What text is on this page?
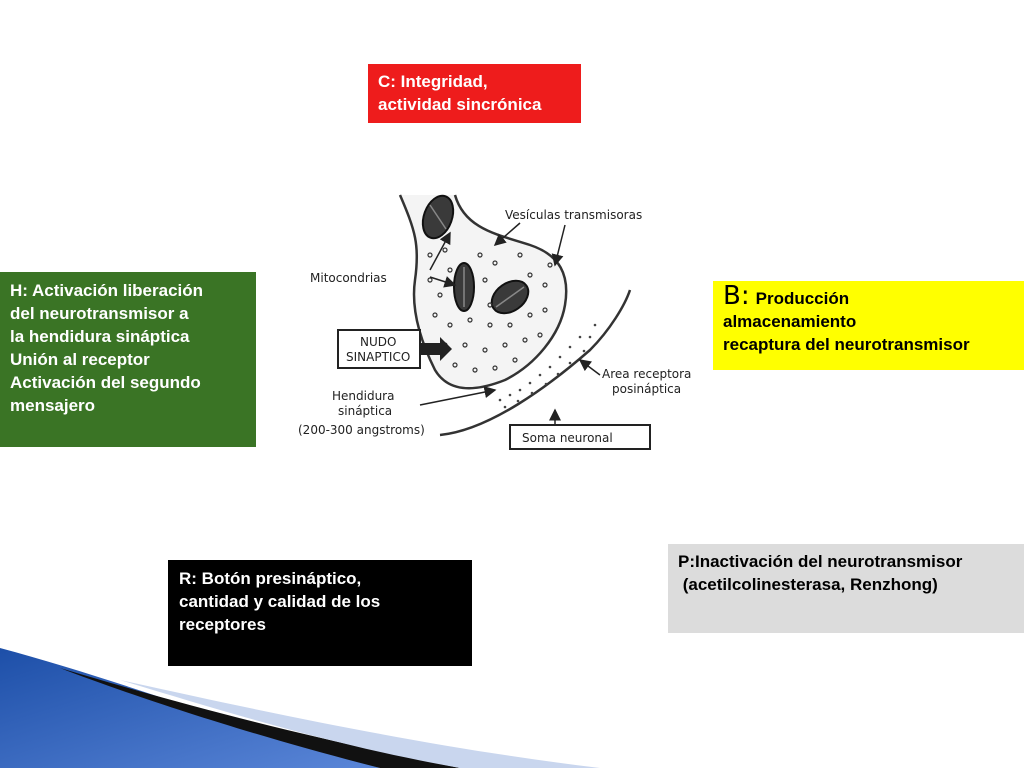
C: Integridad,
actividad sincrónica
H: Activación liberación
del neurotransmisor a
la hendidura sináptica
Unión al receptor
Activación del segundo
mensajero
B: Producción
almacenamiento
recaptura del neurotransmisor
R: Botón presináptico,
cantidad y calidad de los
receptores
P:Inactivación del neurotransmisor
(acetilcolinesterasa, Renzhong)
Vesículas transmisoras
Mitocondrias
NUDO
SINAPTICO
Area receptora
posináptica
Hendidura
sináptica
(200-300 angstroms)
Soma neuronal
